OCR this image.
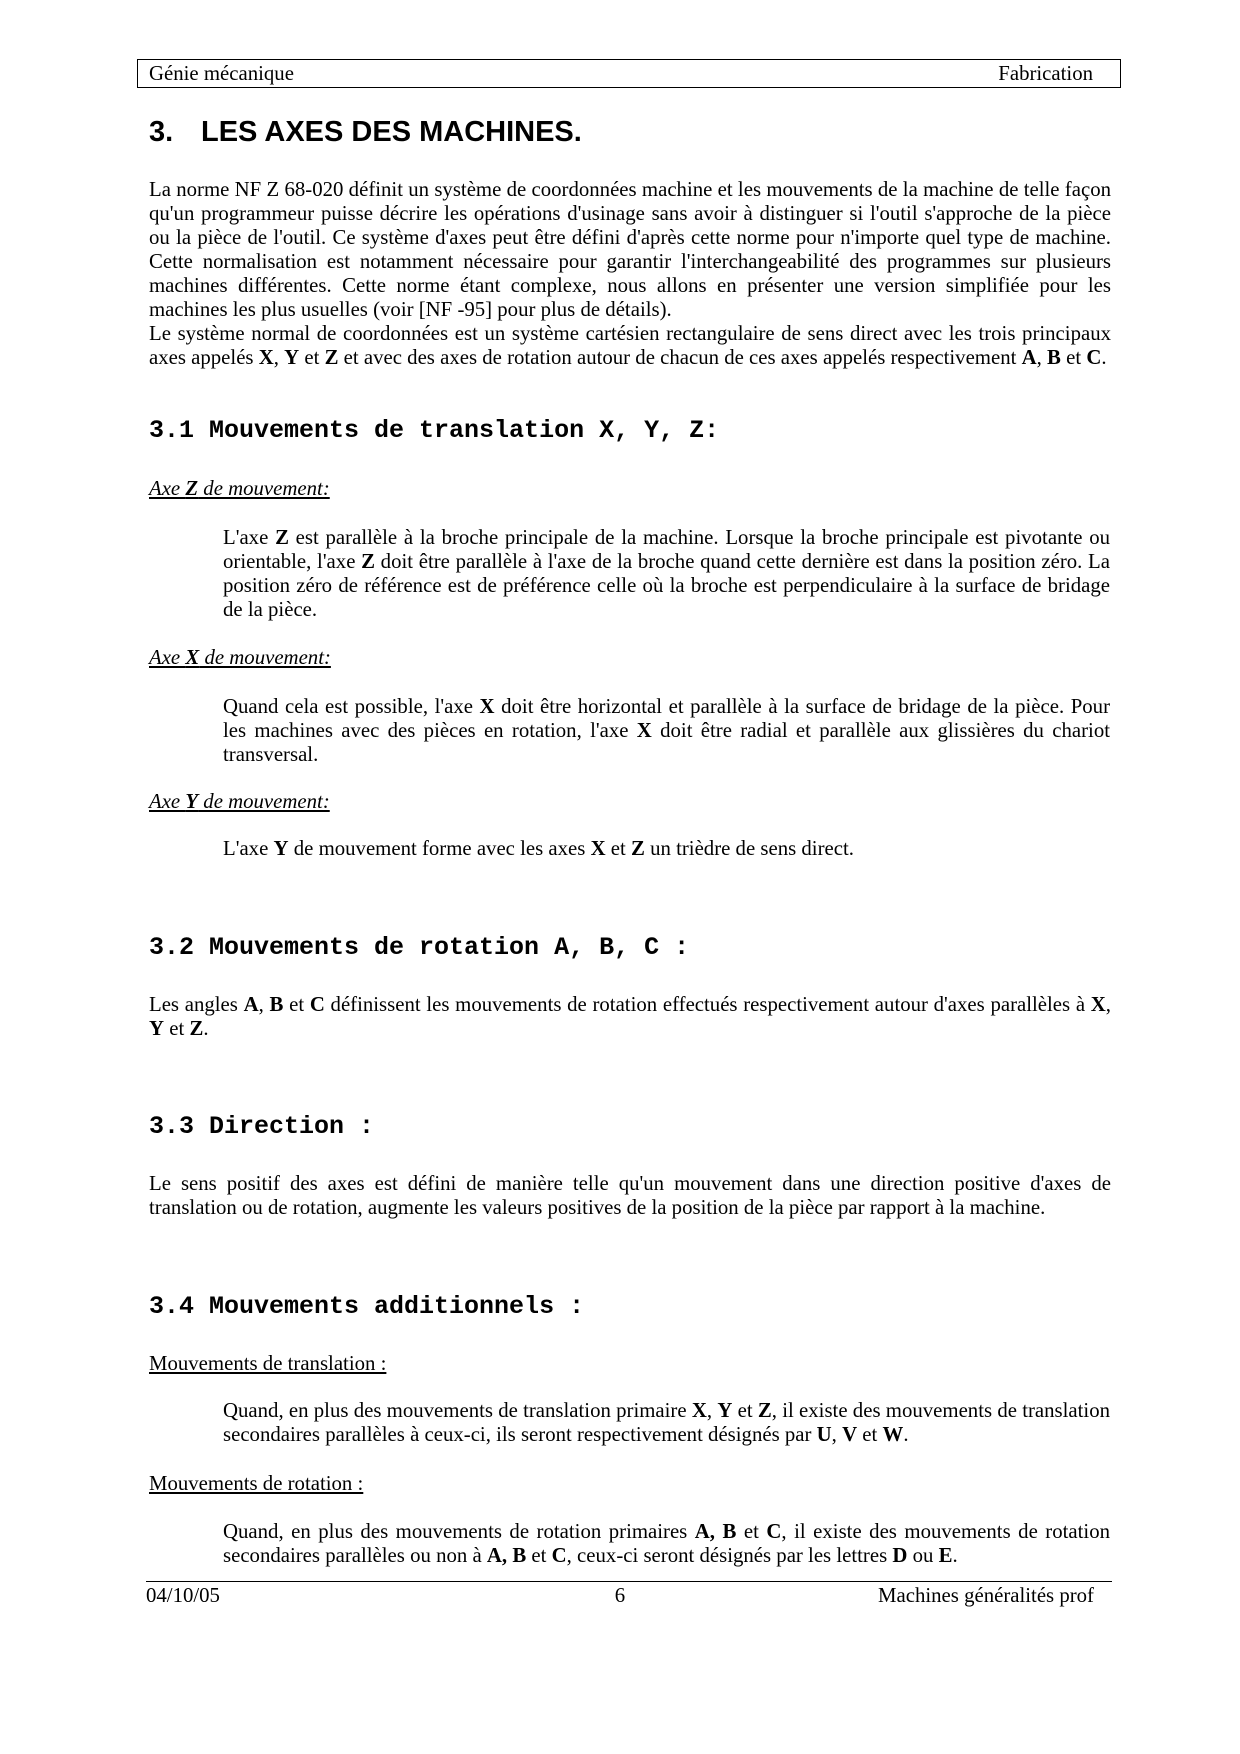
Génie mécanique	Fabrication
3. LES AXES DES MACHINES.

La norme NF Z 68-020 définit un système de coordonnées machine et les mouvements de la machine de telle façon qu'un programmeur puisse décrire les opérations d'usinage sans avoir à distinguer si l'outil s'approche de la pièce ou la pièce de l'outil. Ce système d'axes peut être défini d'après cette norme pour n'importe quel type de machine. Cette normalisation est notamment nécessaire pour garantir l'interchangeabilité des programmes sur plusieurs machines différentes. Cette norme étant complexe, nous allons en présenter une version simplifiée pour les machines les plus usuelles (voir [NF -95] pour plus de détails).

Le système normal de coordonnées est un système cartésien rectangulaire de sens direct avec les trois principaux axes appelés X, Y et Z et avec des axes de rotation autour de chacun de ces axes appelés respectivement A, B et C.

3.1 Mouvements de translation X, Y, Z:
Axe Z de mouvement:
L'axe Z est parallèle à la broche principale de la machine. Lorsque la broche principale est pivotante ou orientable, l'axe Z doit être parallèle à l'axe de la broche quand cette dernière est dans la position zéro. La position zéro de référence est de préférence celle où la broche est perpendiculaire à la surface de bridage de la pièce.
Axe X de mouvement:
Quand cela est possible, l'axe X doit être horizontal et parallèle à la surface de bridage de la pièce. Pour les machines avec des pièces en rotation, l'axe X doit être radial et parallèle aux glissières du chariot transversal.
Axe Y de mouvement:
L'axe Y de mouvement forme avec les axes X et Z un trièdre de sens direct.
3.2 Mouvements de rotation A, B, C :
Les angles A, B et C définissent les mouvements de rotation effectués respectivement autour d'axes parallèles à X, Y et Z.
3.3 Direction :
Le sens positif des axes est défini de manière telle qu'un mouvement dans une direction positive d'axes de translation ou de rotation, augmente les valeurs positives de la position de la pièce par rapport à la machine.
3.4 Mouvements additionnels :
Mouvements de translation :
Quand, en plus des mouvements de translation primaire X, Y et Z, il existe des mouvements de translation secondaires parallèles à ceux-ci, ils seront respectivement désignés par U, V et W.
Mouvements de rotation :
Quand, en plus des mouvements de rotation primaires A, B et C, il existe des mouvements de rotation secondaires parallèles ou non à A, B et C, ceux-ci seront désignés par les lettres D ou E.
04/10/05	6	Machines généralités prof
